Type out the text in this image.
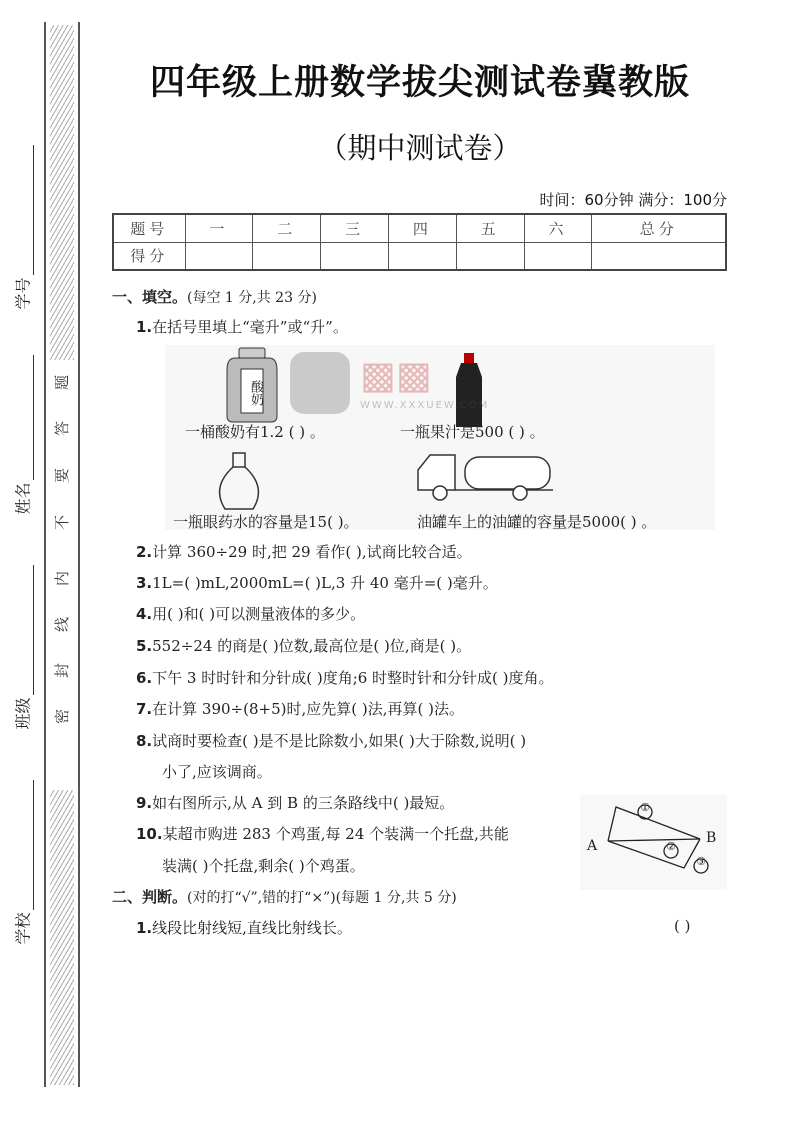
学号
姓名
班级
学校
题
答
要
不
内
线
封
密
四年级上册数学拔尖测试卷冀教版
（期中测试卷）
时间：60分钟 满分：100分
题号	一	二	三	四	五	六	总分
得分							
一、填空。(每空 1 分,共 23 分)
1.在括号里填上“毫升”或“升”。
2.计算 360÷29 时,把 29 看作( ),试商比较合适。
3.1L=( )mL,2000mL=( )L,3 升 40 毫升=( )毫升。
4.用( )和( )可以测量液体的多少。
5.552÷24 的商是( )位数,最高位是( )位,商是( )。
6.下午 3 时时针和分针成( )度角;6 时整时针和分针成( )度角。
7.在计算 390÷(8+5)时,应先算( )法,再算( )法。
8.试商时要检查( )是不是比除数小,如果( )大于除数,说明( )
小了,应该调商。
9.如右图所示,从 A 到 B 的三条路线中( )最短。
10.某超市购进 283 个鸡蛋,每 24 个装满一个托盘,共能
装满( )个托盘,剩余( )个鸡蛋。
二、判断。(对的打“√”,错的打“×”)(每题 1 分,共 5 分)
1.线段比射线短,直线比射线长。	( )
酸奶
一桶酸奶有1.2 ( ) 。	一瓶果汁是500 ( ) 。
一瓶眼药水的容量是15( )。	油罐车上的油罐的容量是5000( ) 。
▩▩
WWW.XXXUEW.COM
A	B
①
②
③
